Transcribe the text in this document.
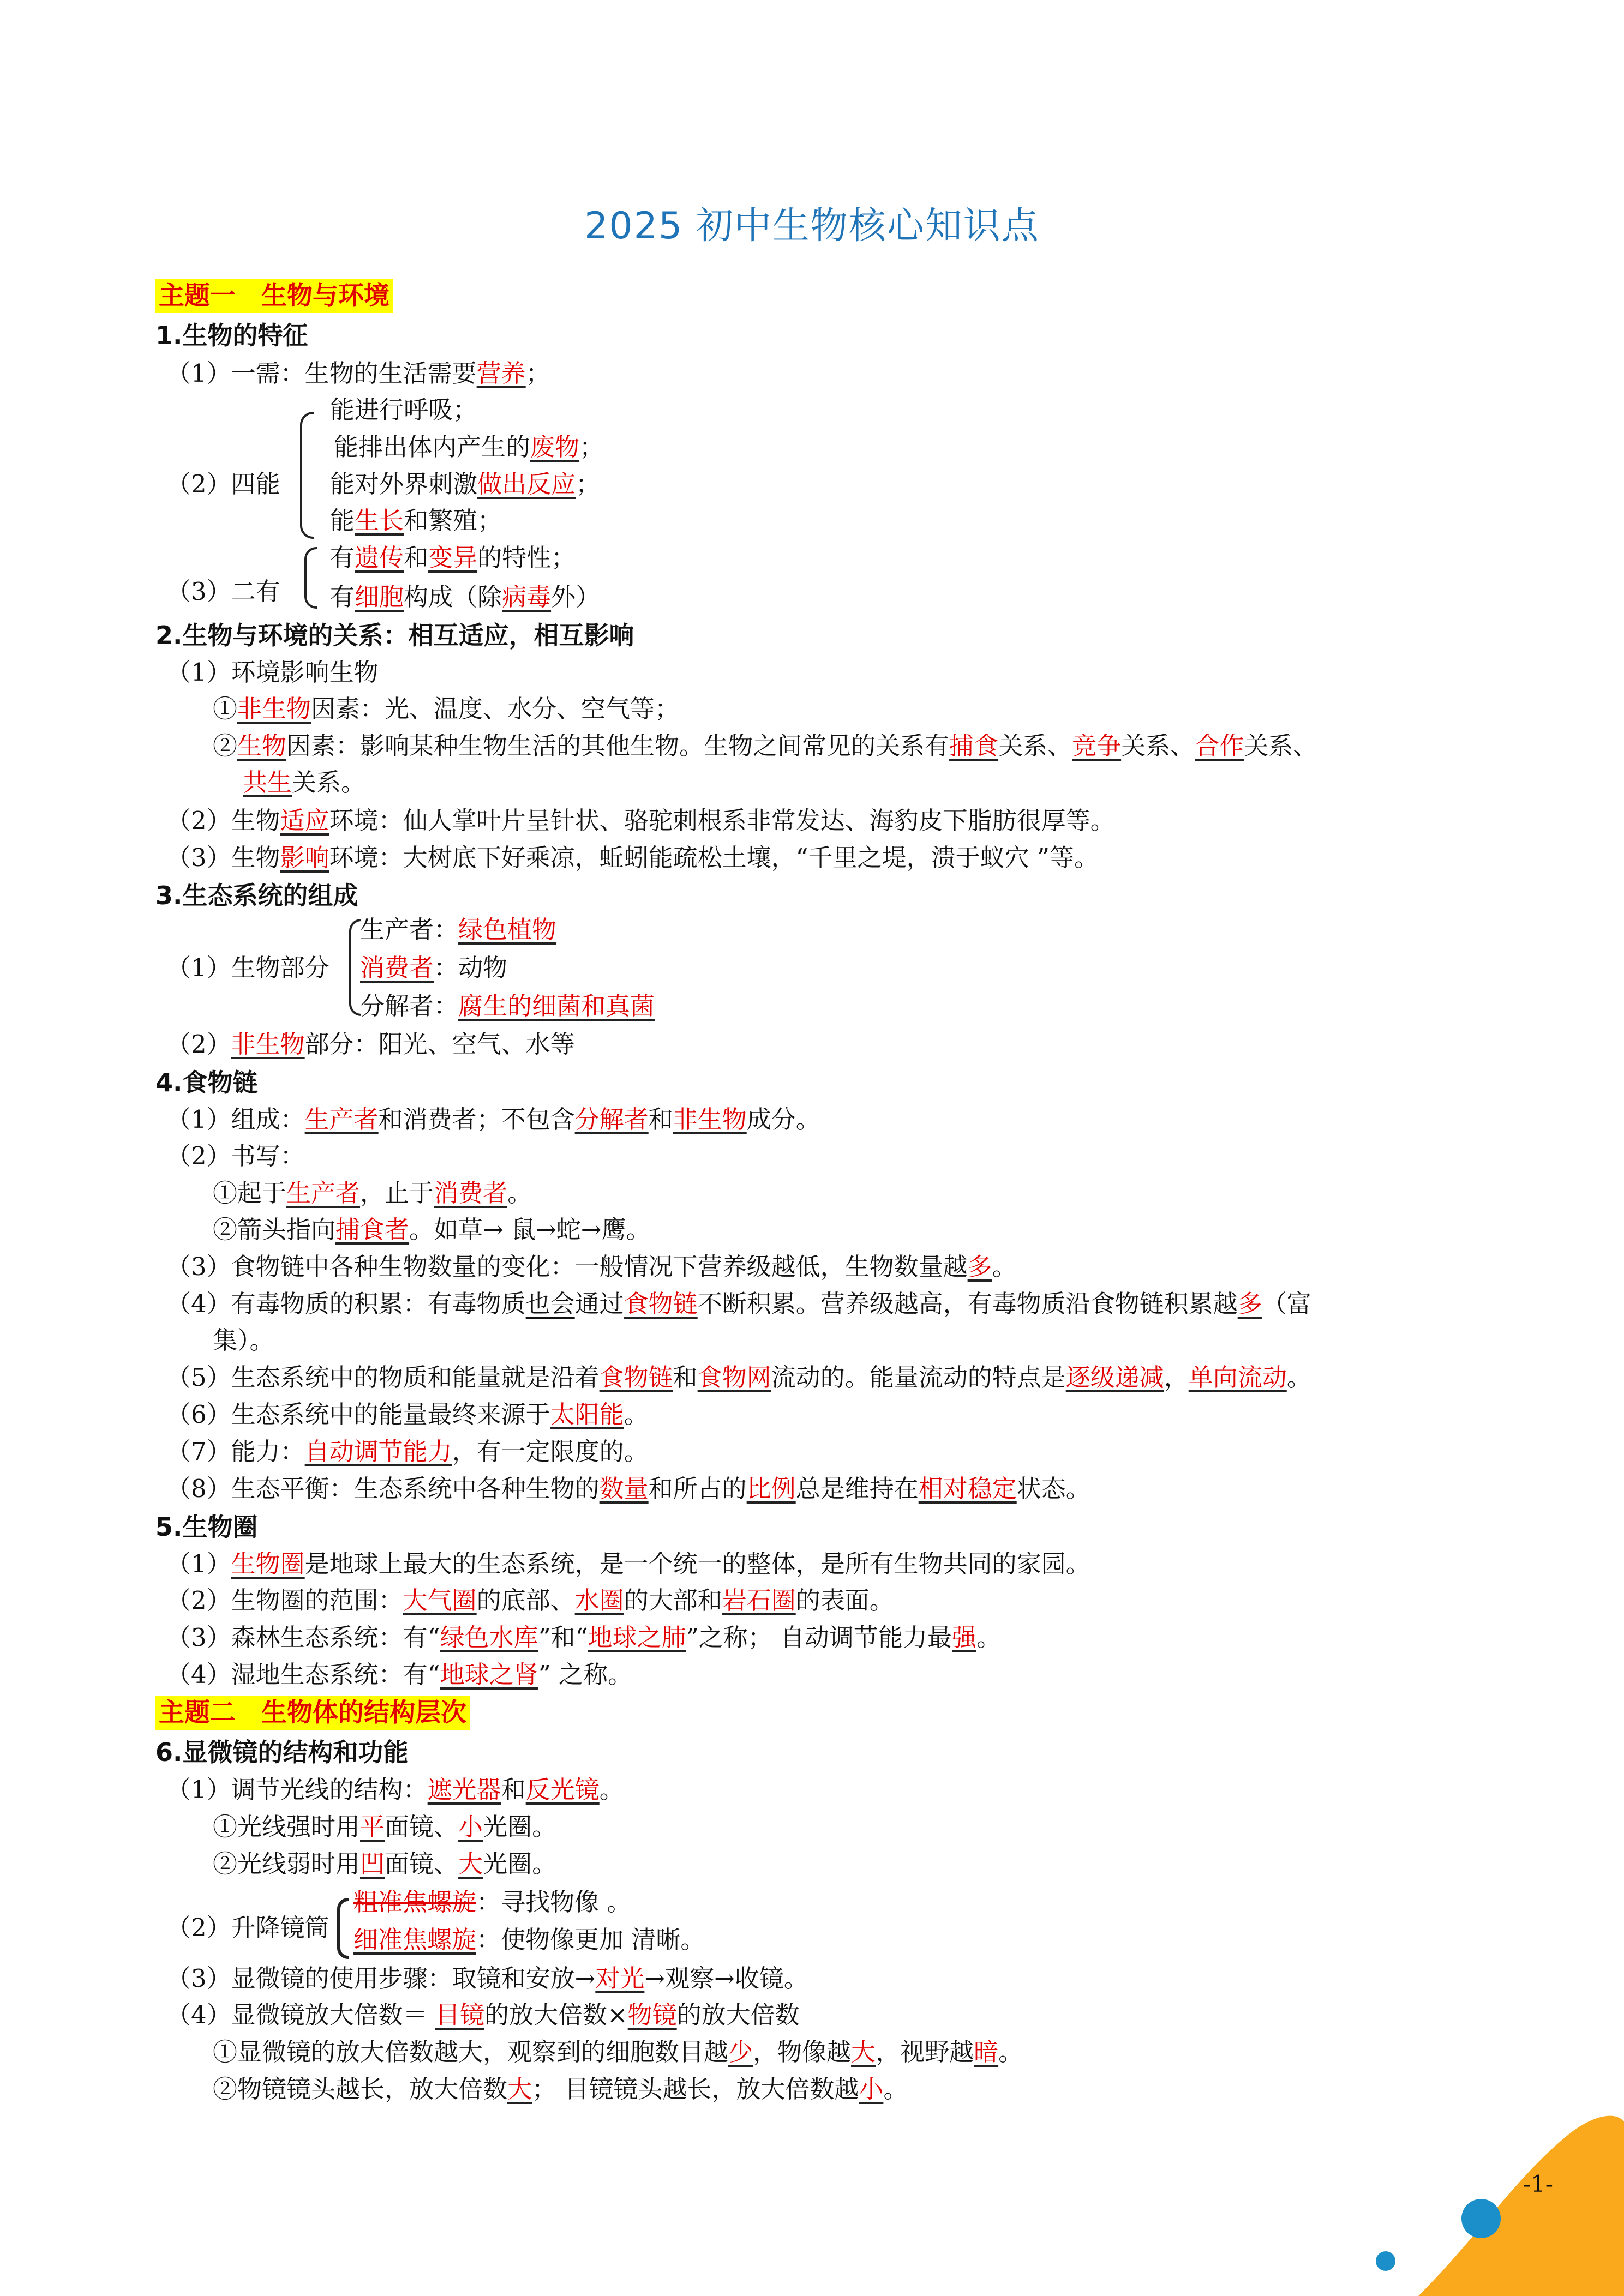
2025 初中生物核心知识点
主题一　生物与环境
1.生物的特征
（1）一需：生物的生活需要营养；
（2）四能
能进行呼吸；
能排出体内产生的废物；
能对外界刺激做出反应；
能生长和繁殖；
（3）二有
有遗传和变异的特性；
有细胞构成（除病毒外）
2.生物与环境的关系：相互适应，相互影响
（1）环境影响生物
①非生物因素：光、温度、水分、空气等；
②生物因素：影响某种生物生活的其他生物。生物之间常见的关系有捕食关系、竞争关系、合作关系、
共生关系。
（2）生物适应环境：仙人掌叶片呈针状、骆驼刺根系非常发达、海豹皮下脂肪很厚等。
（3）生物影响环境：大树底下好乘凉，蚯蚓能疏松土壤，“千里之堤，溃于蚁穴 ”等。
3.生态系统的组成
（1）生物部分
生产者：绿色植物
消费者：动物
分解者：腐生的细菌和真菌
（2）非生物部分：阳光、空气、水等
4.食物链
（1）组成：生产者和消费者；不包含分解者和非生物成分。
（2）书写：
①起于生产者，止于消费者。
②箭头指向捕食者。如草→ 鼠→蛇→鹰。
（3）食物链中各种生物数量的变化：一般情况下营养级越低，生物数量越多。
（4）有毒物质的积累：有毒物质也会通过食物链不断积累。营养级越高，有毒物质沿食物链积累越多（富
集）。
（5）生态系统中的物质和能量就是沿着食物链和食物网流动的。能量流动的特点是逐级递减，单向流动。
（6）生态系统中的能量最终来源于太阳能。
（7）能力：自动调节能力，有一定限度的。
（8）生态平衡：生态系统中各种生物的数量和所占的比例总是维持在相对稳定状态。
5.生物圈
（1）生物圈是地球上最大的生态系统，是一个统一的整体，是所有生物共同的家园。
（2）生物圈的范围：大气圈的底部、水圈的大部和岩石圈的表面。
（3）森林生态系统：有“绿色水库”和“地球之肺”之称； 自动调节能力最强。
（4）湿地生态系统：有“地球之肾” 之称。
主题二　生物体的结构层次
6.显微镜的结构和功能
（1）调节光线的结构：遮光器和反光镜。
①光线强时用平面镜、小光圈。
②光线弱时用凹面镜、大光圈。
（2）升降镜筒
粗准焦螺旋：寻找物像 。
细准焦螺旋：使物像更加 清晰。
（3）显微镜的使用步骤：取镜和安放→对光→观察→收镜。
（4）显微镜放大倍数＝ 目镜的放大倍数×物镜的放大倍数
①显微镜的放大倍数越大，观察到的细胞数目越少，物像越大，视野越暗。
②物镜镜头越长，放大倍数大； 目镜镜头越长，放大倍数越小。
-1-
